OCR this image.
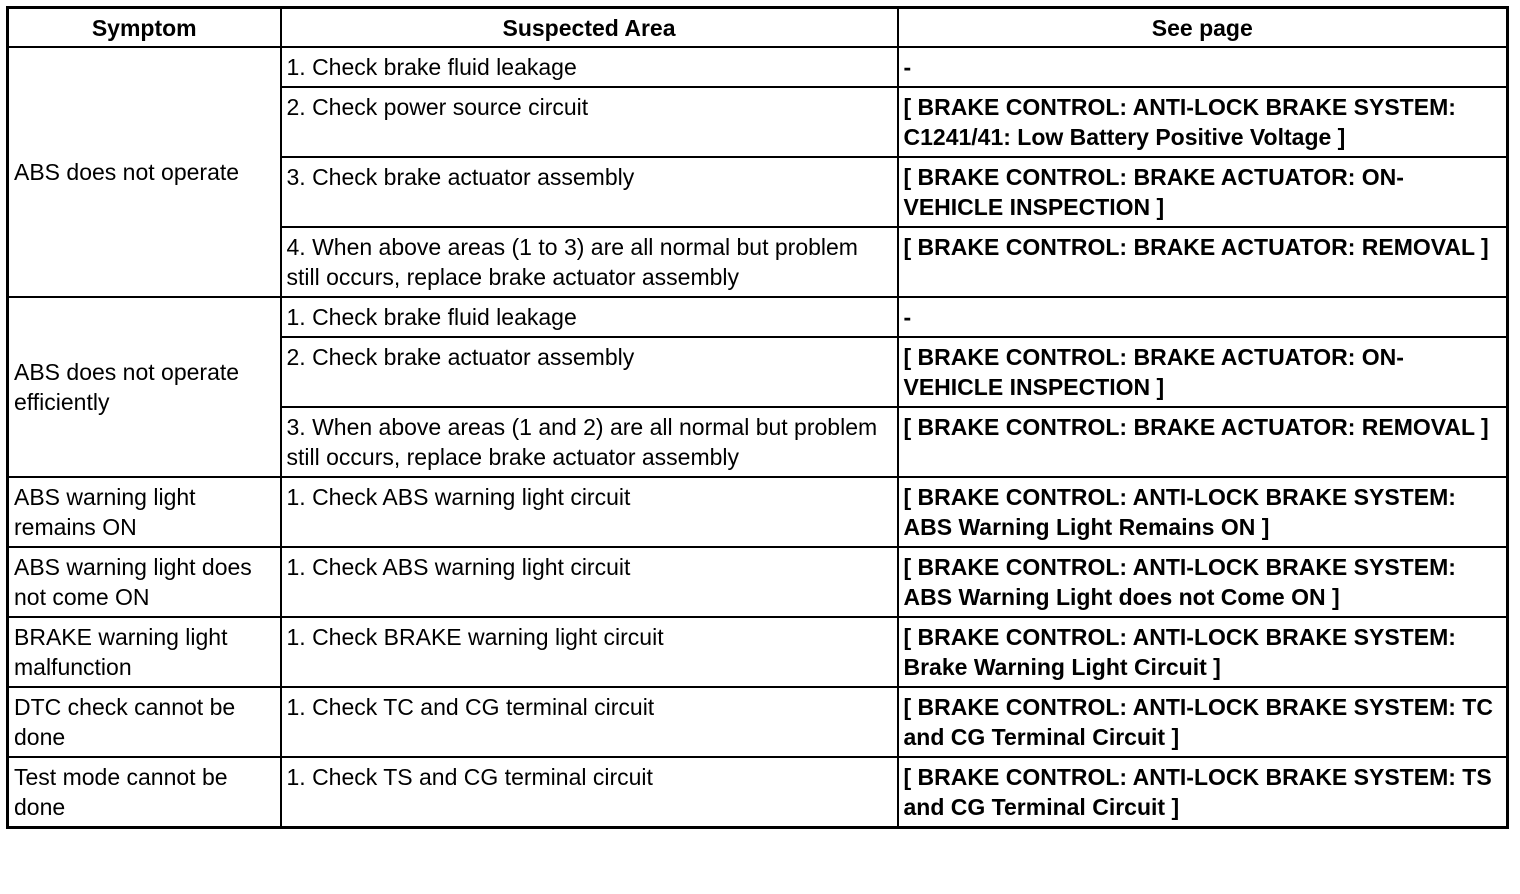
Symptom	Suspected Area	See page
ABS does not operate	1. Check brake fluid leakage	-
	2. Check power source circuit	[ BRAKE CONTROL: ANTI-LOCK BRAKE SYSTEM: C1241/41: Low Battery Positive Voltage ]
	3. Check brake actuator assembly	[ BRAKE CONTROL: BRAKE ACTUATOR: ON-VEHICLE INSPECTION ]
	4. When above areas (1 to 3) are all normal but problem still occurs, replace brake actuator assembly	[ BRAKE CONTROL: BRAKE ACTUATOR: REMOVAL ]
ABS does not operate efficiently	1. Check brake fluid leakage	-
	2. Check brake actuator assembly	[ BRAKE CONTROL: BRAKE ACTUATOR: ON-VEHICLE INSPECTION ]
	3. When above areas (1 and 2) are all normal but problem still occurs, replace brake actuator assembly	[ BRAKE CONTROL: BRAKE ACTUATOR: REMOVAL ]
ABS warning light remains ON	1. Check ABS warning light circuit	[ BRAKE CONTROL: ANTI-LOCK BRAKE SYSTEM: ABS Warning Light Remains ON ]
ABS warning light does not come ON	1. Check ABS warning light circuit	[ BRAKE CONTROL: ANTI-LOCK BRAKE SYSTEM: ABS Warning Light does not Come ON ]
BRAKE warning light malfunction	1. Check BRAKE warning light circuit	[ BRAKE CONTROL: ANTI-LOCK BRAKE SYSTEM: Brake Warning Light Circuit ]
DTC check cannot be done	1. Check TC and CG terminal circuit	[ BRAKE CONTROL: ANTI-LOCK BRAKE SYSTEM: TC and CG Terminal Circuit ]
Test mode cannot be done	1. Check TS and CG terminal circuit	[ BRAKE CONTROL: ANTI-LOCK BRAKE SYSTEM: TS and CG Terminal Circuit ]
